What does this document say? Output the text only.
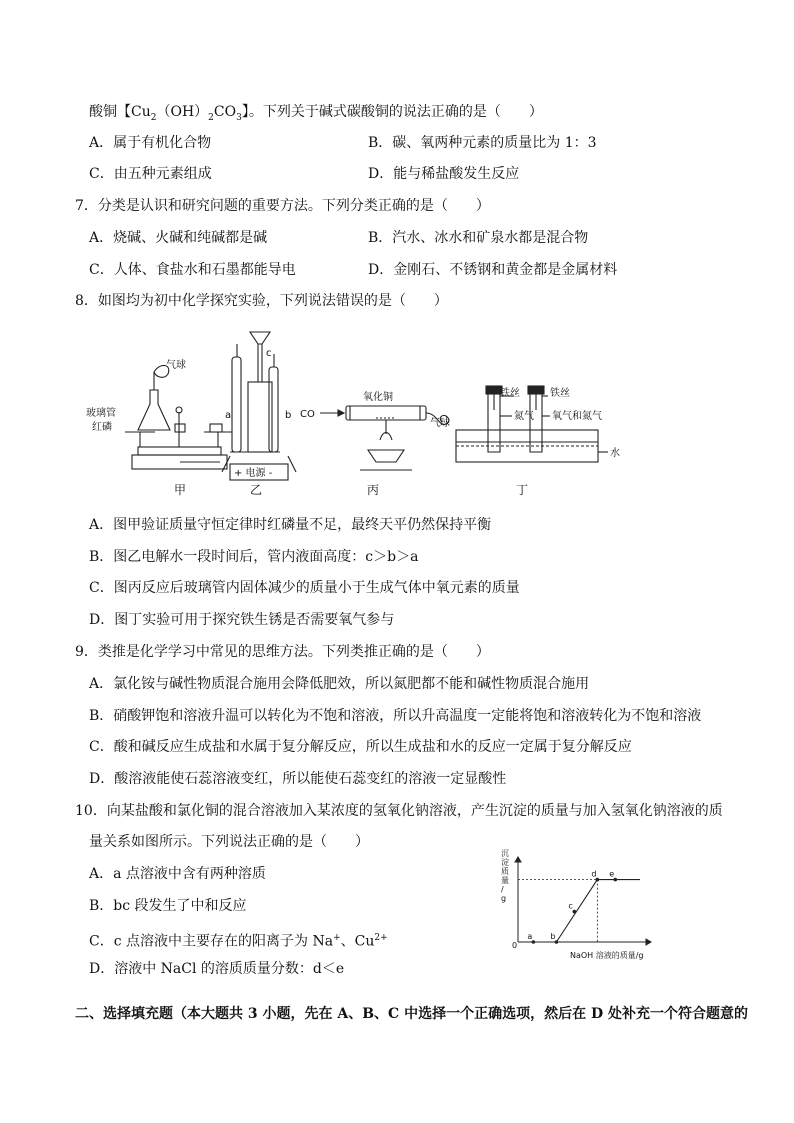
酸铜【$Cu_2(OH)_2CO_3$】。下列关于碱式碳酸铜的说法正确的是（　　）
A．属于有机化合物	B．碳、氧两种元素的质量比为 1：3
C．由五种元素组成	D．能与稀盐酸发生反应
7．分类是认识和研究问题的重要方法。下列分类正确的是（　　）
A．烧碱、火碱和纯碱都是碱	B．汽水、冰水和矿泉水都是混合物
C．人体、食盐水和石墨都能导电	D．金刚石、不锈钢和黄金都是金属材料
8．如图均为初中化学探究实验，下列说法错误的是（　　）
玻璃管
红磷
气球
a	b
c
+ 电源 -
CO
氧化铜
气球
铁丝	铁丝
氮气 氧气和氮气
水
甲	乙	丙	丁
A．图甲验证质量守恒定律时红磷量不足，最终天平仍然保持平衡
B．图乙电解水一段时间后，管内液面高度：c＞b＞a
C．图丙反应后玻璃管内固体减少的质量小于生成气体中氧元素的质量
D．图丁实验可用于探究铁生锈是否需要氧气参与
9．类推是化学学习中常见的思维方法。下列类推正确的是（　　）
A．氯化铵与碱性物质混合施用会降低肥效，所以氮肥都不能和碱性物质混合施用
B．硝酸钾饱和溶液升温可以转化为不饱和溶液，所以升高温度一定能将饱和溶液转化为不饱和溶液
C．酸和碱反应生成盐和水属于复分解反应，所以生成盐和水的反应一定属于复分解反应
D．酸溶液能使石蕊溶液变红，所以能使石蕊变红的溶液一定显酸性
10．向某盐酸和氯化铜的混合溶液加入某浓度的氢氧化钠溶液，产生沉淀的质量与加入氢氧化钠溶液的质
量关系如图所示。下列说法正确的是（　　）
A．a 点溶液中含有两种溶质
B．bc 段发生了中和反应
C．c 点溶液中主要存在的阳离子为 Na+、$Cu^{2+}$
D．溶液中 NaCl 的溶质质量分数：d＜e
a b
c
d e
沉淀质量/ g
NaOH 溶液的质量/g
0
二、选择填充题（本大题共 3 小题，先在 A、B、C 中选择一个正确选项，然后在 D 处补充一个符合题意的
